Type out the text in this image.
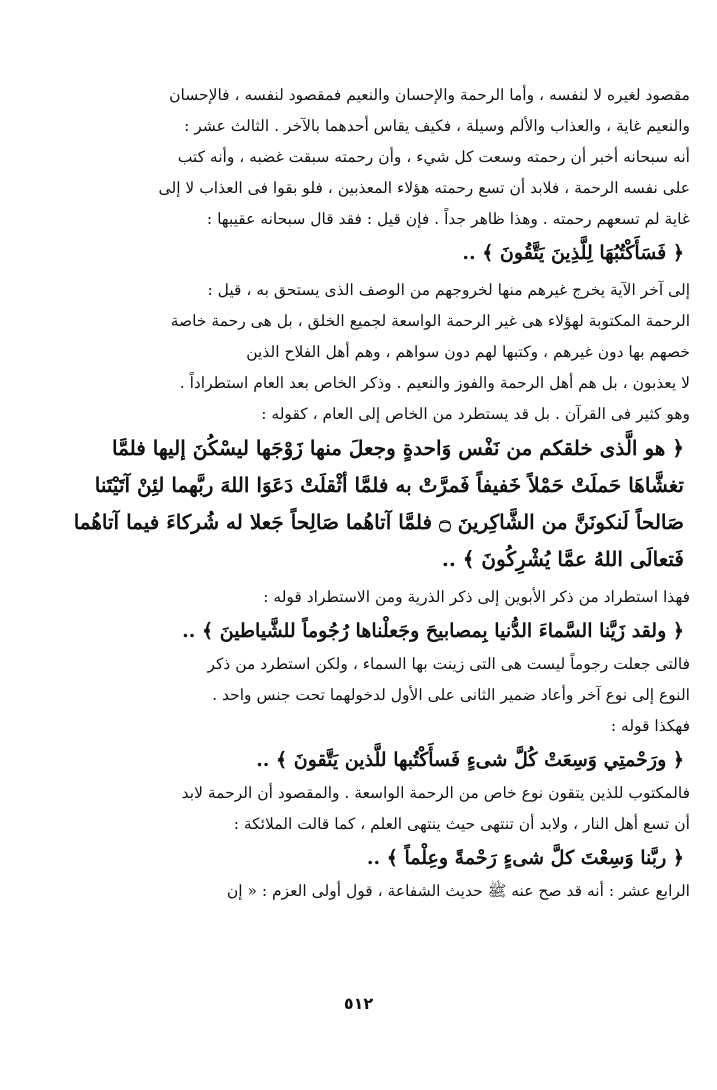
مقصود لغيره لا لنفسه ، وأما الرحمة والإحسان والنعيم فمقصود لنفسه ، فالإحسان
والنعيم غاية ، والعذاب والألم وسيلة ، فكيف يقاس أحدهما بالآخر . الثالث عشر :
أنه سبحانه أخبر أن رحمته وسعت كل شيء ، وأن رحمته سبقت غضبه ، وأنه كتب
على نفسه الرحمة ، فلابد أن تسع رحمته هؤلاء المعذبين ، فلو بقوا فى العذاب لا إلى
غاية لم تسعهم رحمته . وهذا ظاهر جداً . فإن قيل : فقد قال سبحانه عقيبها :
﴿ فَسَأَكْتُبُهَا لِلَّذِينَ يَتَّقُونَ ﴾ ..
إلى آخر الآية يخرج غيرهم منها لخروجهم من الوصف الذى يستحق به ، قيل :
الرحمة المكتوبة لهؤلاء هى غير الرحمة الواسعة لجميع الخلق ، بل هى رحمة خاصة
خصهم بها دون غيرهم ، وكتبها لهم دون سواهم ، وهم أهل الفلاح الذين
لا يعذبون ، بل هم أهل الرحمة والفوز والنعيم . وذكر الخاص بعد العام استطراداً .
وهو كثير فى القرآن . بل قد يستطرد من الخاص إلى العام ، كقوله :
﴿ هو الَّذى خلقكم من نَفْس وَاحدةٍ وجعلَ منها زَوْجَها ليسْكُنَ إليها فلمَّا
تغشَّاهَا حَملَتْ حَمْلاً خَفيفاً فَمرَّتْ به فلمَّا أثْقلَتْ دَعَوَا اللهَ ربَّهما لئِنْ آتَيْتَنا
صَالحاً لَنكونَنَّ من الشَّاكِرينَ ۝ فلمَّا آتاهُما صَالِحاً جَعلا له شُركاءَ فيما آتاهُما
فَتعالَى اللهُ عمَّا يُشْرِكُونَ ﴾ ..
فهذا استطراد من ذكر الأبوين إلى ذكر الذرية ومن الاستطراد قوله :
﴿ ولقد زَيَّنا السَّماءَ الدُّنيا بِمصابيحَ وجَعلْناها رُجُوماً للشَّياطينَ ﴾ ..
فالتى جعلت رجوماً ليست هى التى زينت بها السماء ، ولكن استطرد من ذكر
النوع إلى نوع آخر وأعاد ضمير الثانى على الأول لدخولهما تحت جنس واحد .
فهكذا قوله :
﴿ ورَحْمتِي وَسِعَتْ كُلَّ شىءٍ فَسأَكْتُبها للَّذين يَتَّقونَ ﴾ ..
فالمكتوب للذين يتقون نوع خاص من الرحمة الواسعة . والمقصود أن الرحمة لابد
أن تسع أهل النار ، ولابد أن تنتهى حيث ينتهى العلم ، كما قالت الملائكة :
﴿ ربَّنا وَسِعْتَ كلَّ شىءٍ رَحْمةً وعِلْماً ﴾ ..
الرابع عشر : أنه قد صح عنه ﷺ حديث الشفاعة ، قول أولى العزم : « إن
٥١٢
